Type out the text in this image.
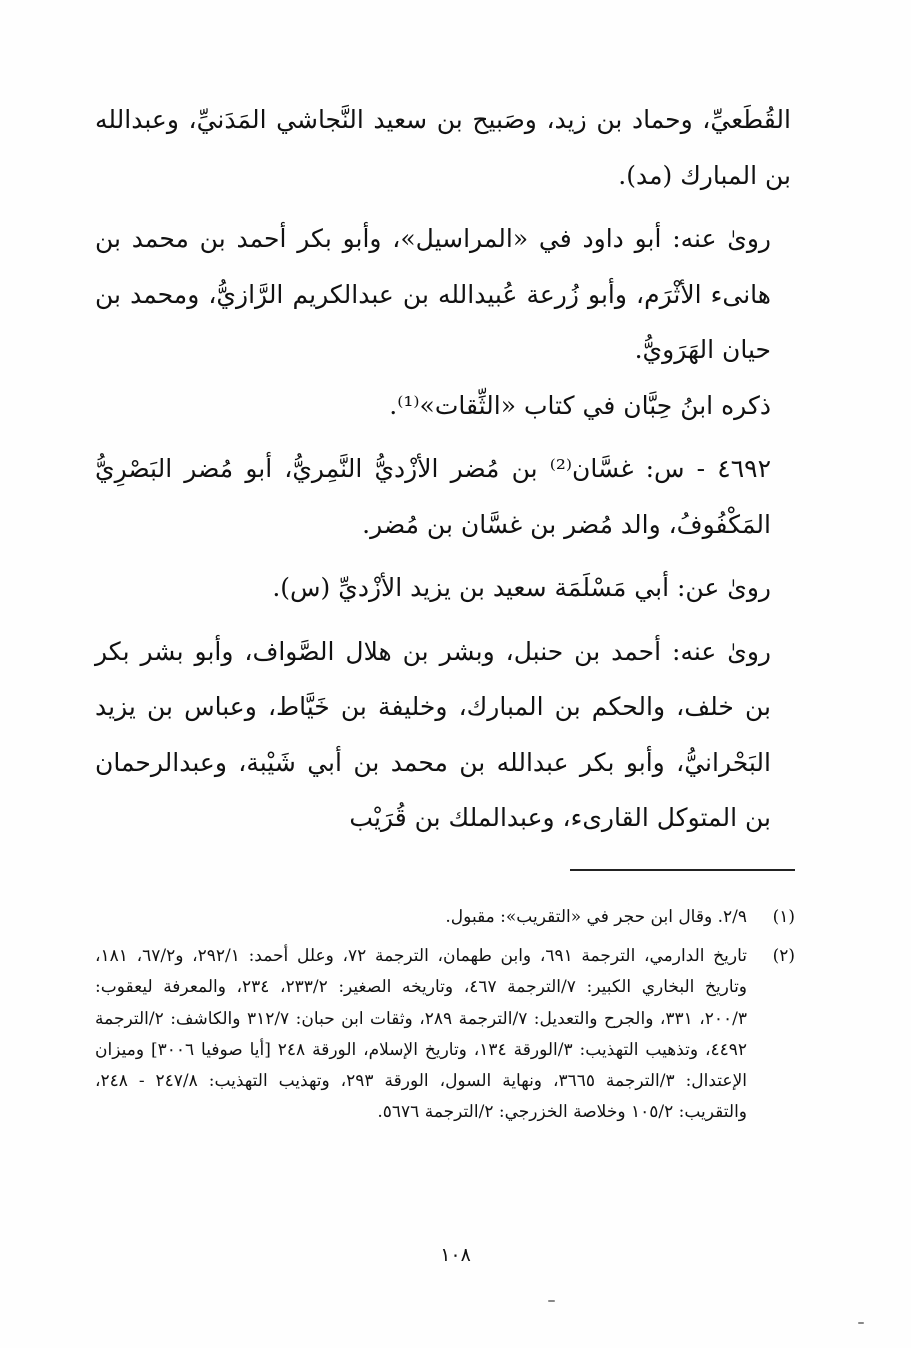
القُطَعيِّ، وحماد بن زيد، وصَبيح بن سعيد النَّجاشي المَدَنيِّ، وعبدالله بن المبارك (مد).

روىٰ عنه: أبو داود في «المراسيل»، وأبو بكر أحمد بن محمد بن هانىء الأثْرَم، وأبو زُرعة عُبيدالله بن عبدالكريم الرَّازيُّ، ومحمد بن حيان الهَرَويُّ.

ذكره ابنُ حِبَّان في كتاب «الثِّقات»⁽¹⁾.

٤٦٩٢ - س: غسَّان⁽²⁾ بن مُضر الأزْديُّ النَّمِريُّ، أبو مُضر البَصْرِيُّ المَكْفُوفُ، والد مُضر بن غسَّان بن مُضر.

روىٰ عن: أبي مَسْلَمَة سعيد بن يزيد الأزْديِّ (س).

روىٰ عنه: أحمد بن حنبل، وبشر بن هلال الصَّواف، وأبو بشر بكر بن خلف، والحكم بن المبارك، وخليفة بن خَيَّاط، وعباس بن يزيد البَحْرانيُّ، وأبو بكر عبدالله بن محمد بن أبي شَيْبة، وعبدالرحمان بن المتوكل القارىء، وعبدالملك بن قُرَيْب

(١)
٢/٩. وقال ابن حجر في «التقريب»: مقبول.
(٢)
تاريخ الدارمي، الترجمة ٦٩١، وابن طهمان، الترجمة ٧٢، وعلل أحمد: ٢٩٢/١، و٦٧/٢، ١٨١، وتاريخ البخاري الكبير: ٧/الترجمة ٤٦٧، وتاريخه الصغير: ٢٣٣/٢، ٢٣٤، والمعرفة ليعقوب: ٢٠٠/٣، ٣٣١، والجرح والتعديل: ٧/الترجمة ٢٨٩، وثقات ابن حبان: ٣١٢/٧ والكاشف: ٢/الترجمة ٤٤٩٢، وتذهيب التهذيب: ٣/الورقة ١٣٤، وتاريخ الإسلام، الورقة ٢٤٨ [أيا صوفيا ٣٠٠٦] وميزان الإعتدال: ٣/الترجمة ٣٦٦٥، ونهاية السول، الورقة ٢٩٣، وتهذيب التهذيب: ٢٤٧/٨ - ٢٤٨، والتقريب: ١٠٥/٢ وخلاصة الخزرجي: ٢/الترجمة ٥٦٧٦.
١٠٨
